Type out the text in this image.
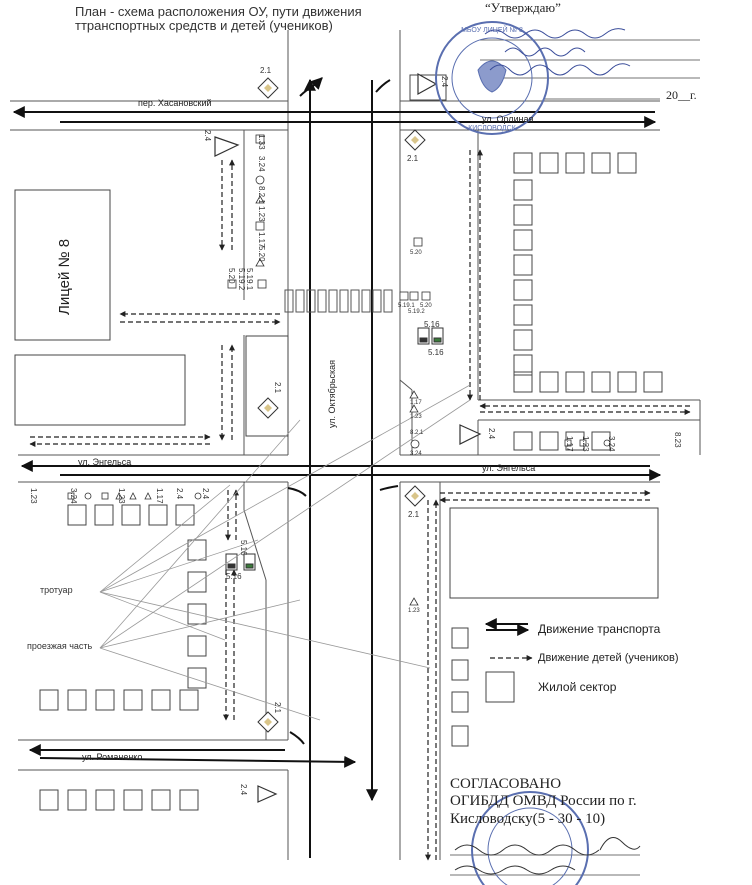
МБОУ ЛИЦЕЙ № 8
КИСЛОВОДСК
План - схема расположения ОУ, пути движения
ттранспортных средств и детей (учеников)
“Утверждаю”
20__г.
пер. Хасановский
ул. Орлиная
ул. Энгельса
ул. Энгельса
ул. Романенко
ул. Октябрьская
Лицей № 8
Движение транспорта
Движение детей (учеников)
Жилой сектор
тротуар
проезжая часть
2.1
2.1
2.1
2.1
2.1
2.4
2.4
2.4
2.4
2.4
5.16
5.16
5.16
5.16
5.20
5.20
5.19.1
5.19.2
1.17
1.23
8.2.1
3.24
1.23
1.33
3.24
8.2.1
1.23
1.17
5.20
5.19.1
5.19.2
5.20
1.17 1.23 3.24	8.23
1.23	3.24	1.23	1.17 2.4
СОГЛАСОВАНО
ОГИБДД ОМВД России по г.
Кисловодску(5 - 30 - 10)
